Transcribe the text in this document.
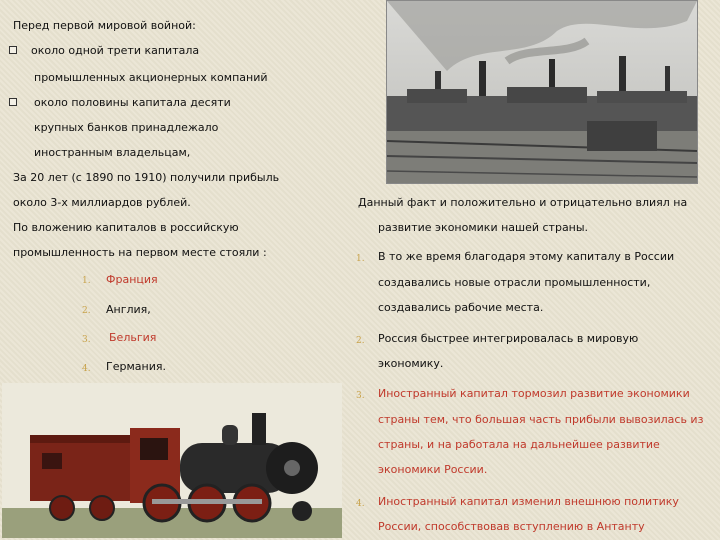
Перед первой мировой войной:
около одной трети капитала
промышленных акционерных компаний
около половины капитала десяти
крупных банков принадлежало
иностранным владельцам,
За 20 лет (с 1890 по 1910) получили прибыль
около 3-х миллиардов рублей.
По вложению капиталов в российскую
промышленность на первом месте стояли :
1. Франция
2. Англия,
3. Бельгия
4. Германия.
Данный факт и положительно и отрицательно влиял на
развитие экономики нашей страны.
1. В то же время благодаря этому капиталу в России
создавались новые отрасли промышленности,
создавались рабочие места.
2. Россия быстрее интегрировалась в мировую
экономику.
3. Иностранный капитал тормозил развитие экономики
страны тем, что большая часть прибыли вывозилась из
страны, и на работала на дальнейшее развитие
экономики России.
4. Иностранный капитал изменил внешнюю политику
России, способствовав вступлению в Антанту
